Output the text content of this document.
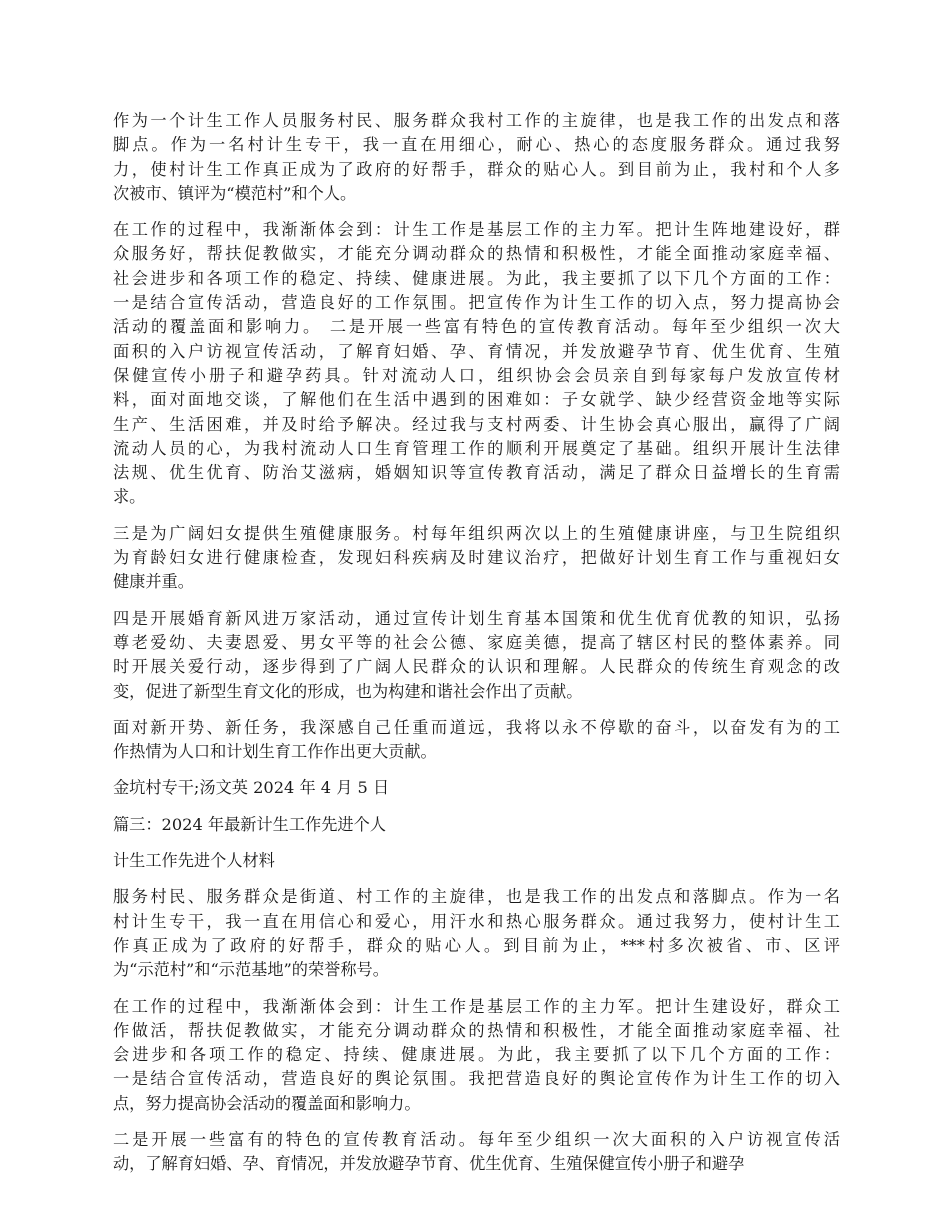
作为一个计生工作人员服务村民、服务群众我村工作的主旋律，也是我工作的出发点和落
脚点。作为一名村计生专干，我一直在用细心，耐心、热心的态度服务群众。通过我努
力，使村计生工作真正成为了政府的好帮手，群众的贴心人。到目前为止，我村和个人多
次被市、镇评为“模范村”和个人。
在工作的过程中，我渐渐体会到：计生工作是基层工作的主力军。把计生阵地建设好，群
众服务好，帮扶促教做实，才能充分调动群众的热情和积极性，才能全面推动家庭幸福、
社会进步和各项工作的稳定、持续、健康进展。为此，我主要抓了以下几个方面的工作：
一是结合宣传活动，营造良好的工作氛围。把宣传作为计生工作的切入点，努力提高协会
活动的覆盖面和影响力。 二是开展一些富有特色的宣传教育活动。每年至少组织一次大
面积的入户访视宣传活动，了解育妇婚、孕、育情况，并发放避孕节育、优生优育、生殖
保健宣传小册子和避孕药具。针对流动人口，组织协会会员亲自到每家每户发放宣传材
料，面对面地交谈，了解他们在生活中遇到的困难如：子女就学、缺少经营资金地等实际
生产、生活困难，并及时给予解决。经过我与支村两委、计生协会真心服出，赢得了广阔
流动人员的心，为我村流动人口生育管理工作的顺利开展奠定了基础。组织开展计生法律
法规、优生优育、防治艾滋病，婚姻知识等宣传教育活动，满足了群众日益增长的生育需
求。
三是为广阔妇女提供生殖健康服务。村每年组织两次以上的生殖健康讲座，与卫生院组织
为育龄妇女进行健康检查，发现妇科疾病及时建议治疗，把做好计划生育工作与重视妇女
健康并重。
四是开展婚育新风进万家活动，通过宣传计划生育基本国策和优生优育优教的知识，弘扬
尊老爱幼、夫妻恩爱、男女平等的社会公德、家庭美德，提高了辖区村民的整体素养。同
时开展关爱行动，逐步得到了广阔人民群众的认识和理解。人民群众的传统生育观念的改
变，促进了新型生育文化的形成，也为构建和谐社会作出了贡献。
面对新开势、新任务，我深感自己任重而道远，我将以永不停歇的奋斗，以奋发有为的工
作热情为人口和计划生育工作作出更大贡献。
金坑村专干;汤文英 2024 年 4 月 5 日
篇三：2024 年最新计生工作先进个人
计生工作先进个人材料
服务村民、服务群众是街道、村工作的主旋律，也是我工作的出发点和落脚点。作为一名
村计生专干，我一直在用信心和爱心，用汗水和热心服务群众。通过我努力，使村计生工
作真正成为了政府的好帮手，群众的贴心人。到目前为止，***村多次被省、市、区评
为“示范村”和“示范基地”的荣誉称号。
在工作的过程中，我渐渐体会到：计生工作是基层工作的主力军。把计生建设好，群众工
作做活，帮扶促教做实，才能充分调动群众的热情和积极性，才能全面推动家庭幸福、社
会进步和各项工作的稳定、持续、健康进展。为此，我主要抓了以下几个方面的工作：
一是结合宣传活动，营造良好的舆论氛围。我把营造良好的舆论宣传作为计生工作的切入
点，努力提高协会活动的覆盖面和影响力。
二是开展一些富有的特色的宣传教育活动。每年至少组织一次大面积的入户访视宣传活
动，了解育妇婚、孕、育情况，并发放避孕节育、优生优育、生殖保健宣传小册子和避孕
